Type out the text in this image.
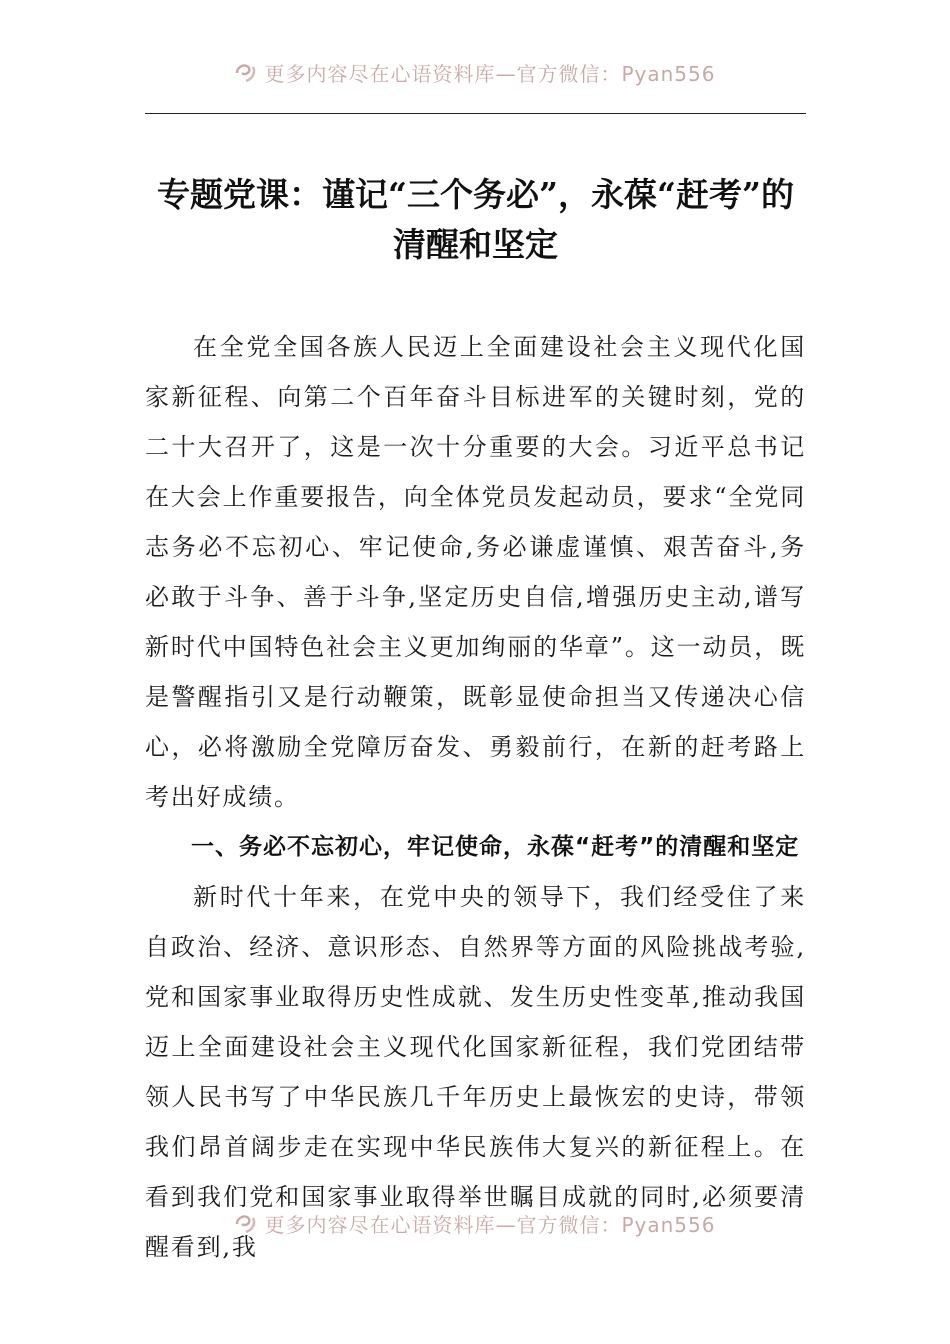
更多内容尽在心语资料库—官方微信：Pyan556
专题党课：谨记“三个务必”，永葆“赶考”的清醒和坚定

在全党全国各族人民迈上全面建设社会主义现代化国家新征程、向第二个百年奋斗目标进军的关键时刻，党的二十大召开了，这是一次十分重要的大会。习近平总书记在大会上作重要报告，向全体党员发起动员，要求“全党同志务必不忘初心、牢记使命,务必谦虚谨慎、艰苦奋斗,务必敢于斗争、善于斗争,坚定历史自信,增强历史主动,谱写新时代中国特色社会主义更加绚丽的华章”。这一动员，既是警醒指引又是行动鞭策，既彰显使命担当又传递决心信心，必将激励全党障厉奋发、勇毅前行，在新的赶考路上考出好成绩。

一、务必不忘初心，牢记使命，永葆“赶考”的清醒和坚定

新时代十年来，在党中央的领导下，我们经受住了来自政治、经济、意识形态、自然界等方面的风险挑战考验,党和国家事业取得历史性成就、发生历史性变革,推动我国迈上全面建设社会主义现代化国家新征程，我们党团结带领人民书写了中华民族几千年历史上最恢宏的史诗，带领我们昂首阔步走在实现中华民族伟大复兴的新征程上。在看到我们党和国家事业取得举世瞩目成就的同时,必须要清醒看到,我

更多内容尽在心语资料库—官方微信：Pyan556
